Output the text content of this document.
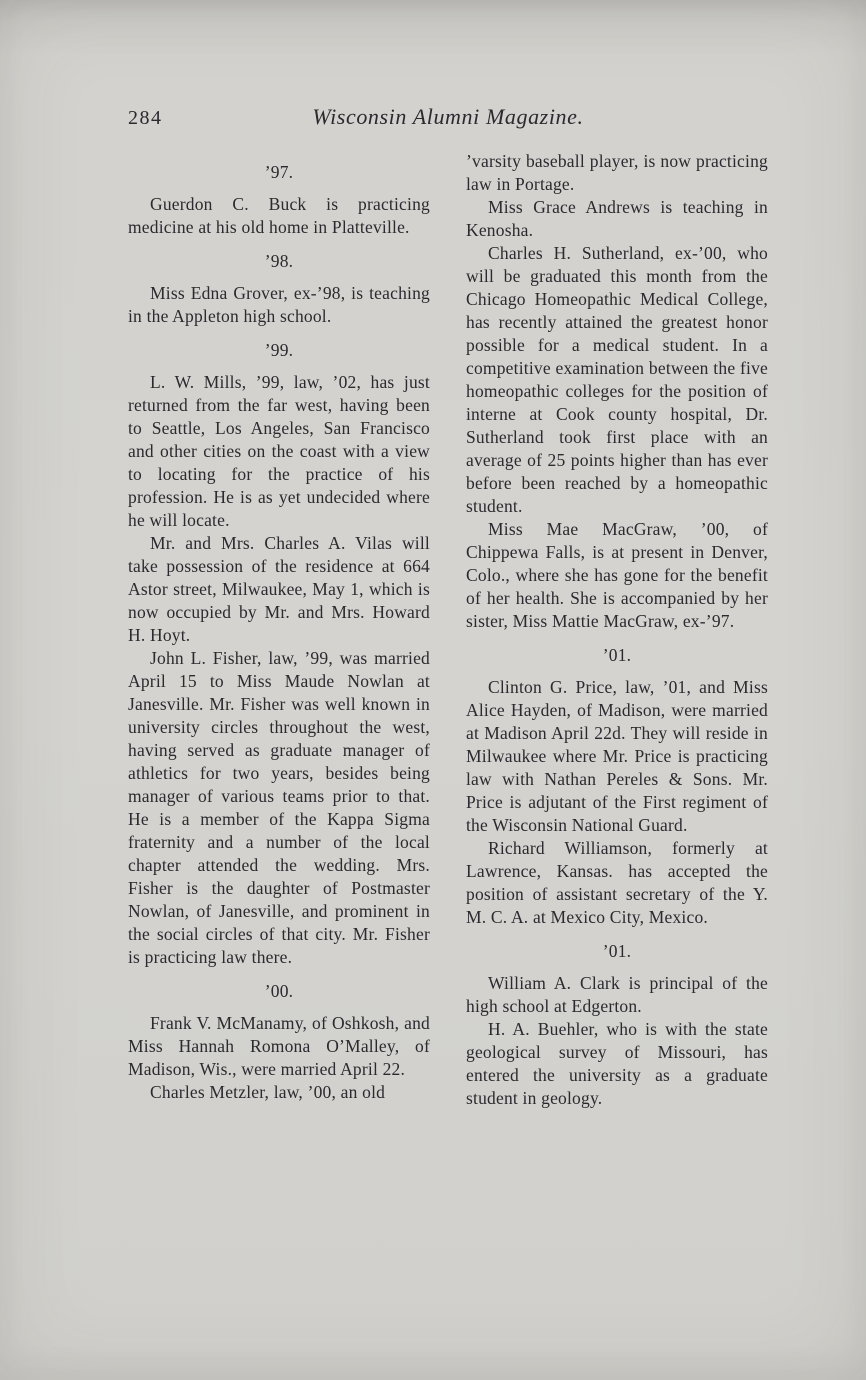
284	Wisconsin Alumni Magazine.
’97.

Guerdon C. Buck is practicing medicine at his old home in Platteville.

’98.

Miss Edna Grover, ex-’98, is teaching in the Appleton high school.

’99.

L. W. Mills, ’99, law, ’02, has just returned from the far west, having been to Seattle, Los Angeles, San Francisco and other cities on the coast with a view to locating for the practice of his profession. He is as yet undecided where he will locate.

Mr. and Mrs. Charles A. Vilas will take possession of the residence at 664 Astor street, Milwaukee, May 1, which is now occupied by Mr. and Mrs. Howard H. Hoyt.

John L. Fisher, law, ’99, was married April 15 to Miss Maude Nowlan at Janesville. Mr. Fisher was well known in university circles throughout the west, having served as graduate manager of athletics for two years, besides being manager of various teams prior to that. He is a member of the Kappa Sigma fraternity and a number of the local chapter attended the wedding. Mrs. Fisher is the daughter of Postmaster Nowlan, of Janesville, and prominent in the social circles of that city. Mr. Fisher is practicing law there.

’00.

Frank V. McManamy, of Oshkosh, and Miss Hannah Romona O’Malley, of Madison, Wis., were married April 22.

Charles Metzler, law, ’00, an old

’varsity baseball player, is now practicing law in Portage.

Miss Grace Andrews is teaching in Kenosha.

Charles H. Sutherland, ex-’00, who will be graduated this month from the Chicago Homeopathic Medical College, has recently attained the greatest honor possible for a medical student. In a competitive examination between the five homeopathic colleges for the position of interne at Cook county hospital, Dr. Sutherland took first place with an average of 25 points higher than has ever before been reached by a homeopathic student.

Miss Mae MacGraw, ’00, of Chippewa Falls, is at present in Denver, Colo., where she has gone for the benefit of her health. She is accompanied by her sister, Miss Mattie MacGraw, ex-’97.

’01.

Clinton G. Price, law, ’01, and Miss Alice Hayden, of Madison, were married at Madison April 22d. They will reside in Milwaukee where Mr. Price is practicing law with Nathan Pereles & Sons. Mr. Price is adjutant of the First regiment of the Wisconsin National Guard.

Richard Williamson, formerly at Lawrence, Kansas. has accepted the position of assistant secretary of the Y. M. C. A. at Mexico City, Mexico.

’01.

William A. Clark is principal of the high school at Edgerton.

H. A. Buehler, who is with the state geological survey of Missouri, has entered the university as a graduate student in geology.
